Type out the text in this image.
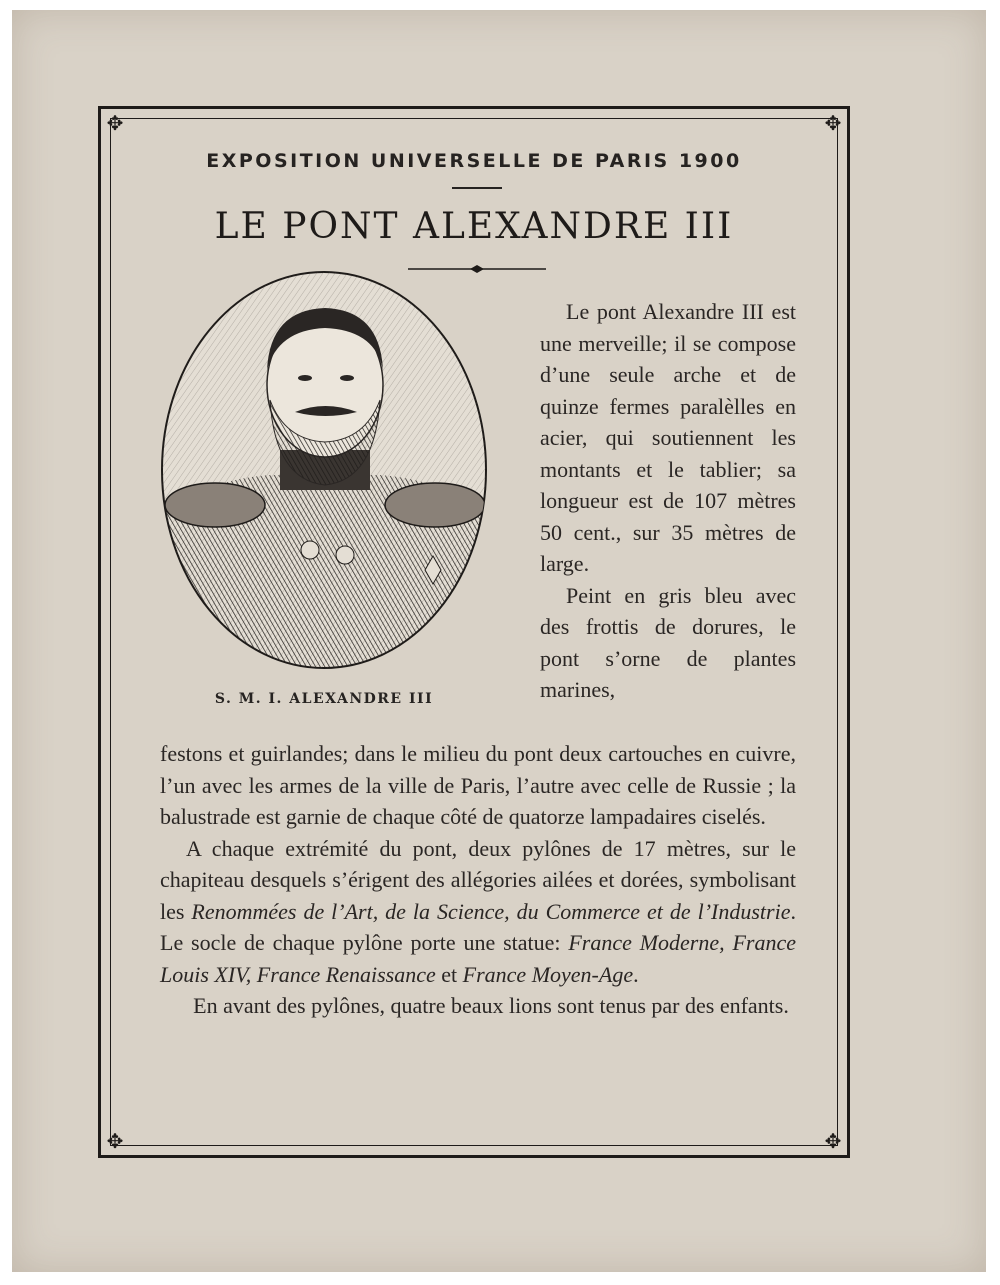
✥	✥
✥	✥
EXPOSITION UNIVERSELLE DE PARIS 1900
LE PONT ALEXANDRE III
S. M. I. ALEXANDRE III

Le pont Alexandre III est une merveille; il se compose d’une seule arche et de quinze fermes paralèlles en acier, qui soutiennent les montants et le tablier; sa longueur est de 107 mètres 50 cent., sur 35 mètres de large.

Peint en gris bleu avec des frottis de dorures, le pont s’orne de plantes marines,

festons et guirlandes; dans le milieu du pont deux cartouches en cuivre, l’un avec les armes de la ville de Paris, l’autre avec celle de Russie ; la balustrade est garnie de chaque côté de quatorze lampadaires ciselés.

A chaque extrémité du pont, deux pylônes de 17 mètres, sur le chapiteau desquels s’érigent des allégories ailées et dorées, symbolisant les Renommées de l’Art, de la Science, du Commerce et de l’Industrie. Le socle de chaque pylône porte une statue: France Moderne, France Louis XIV, France Renaissance et France Moyen-Age.

En avant des pylônes, quatre beaux lions sont tenus par des enfants.
